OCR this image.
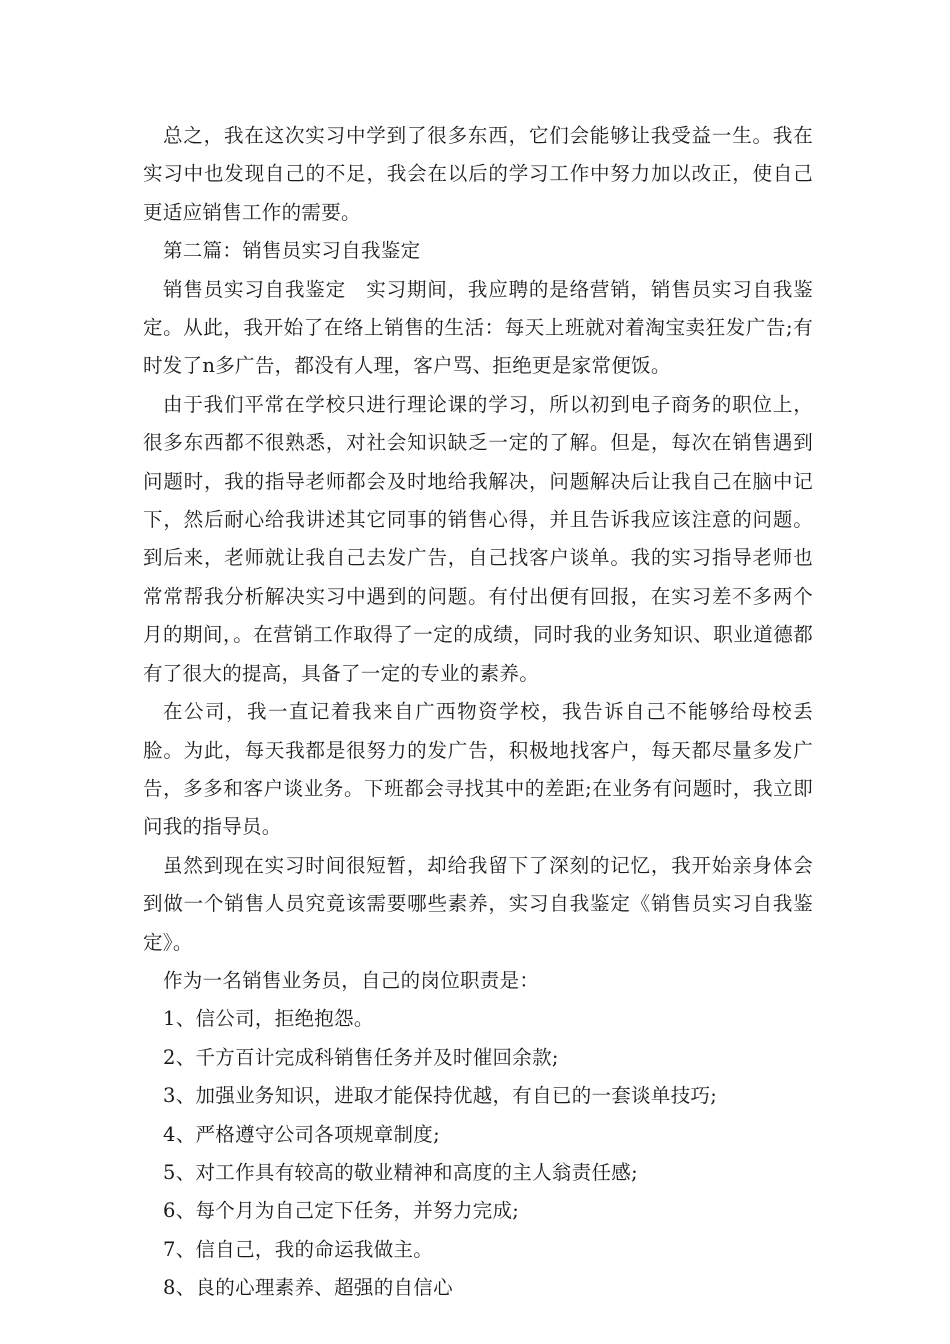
总之，我在这次实习中学到了很多东西，它们会能够让我受益一生。我在实习中也发现自己的不足，我会在以后的学习工作中努力加以改正，使自己更适应销售工作的需要。

第二篇：销售员实习自我鉴定

销售员实习自我鉴定　实习期间，我应聘的是络营销，销售员实习自我鉴定。从此，我开始了在络上销售的生活：每天上班就对着淘宝卖狂发广告;有时发了n多广告，都没有人理，客户骂、拒绝更是家常便饭。

由于我们平常在学校只进行理论课的学习，所以初到电子商务的职位上，很多东西都不很熟悉，对社会知识缺乏一定的了解。但是，每次在销售遇到问题时，我的指导老师都会及时地给我解决，问题解决后让我自己在脑中记下，然后耐心给我讲述其它同事的销售心得，并且告诉我应该注意的问题。到后来，老师就让我自己去发广告，自己找客户谈单。我的实习指导老师也常常帮我分析解决实习中遇到的问题。有付出便有回报，在实习差不多两个月的期间，。在营销工作取得了一定的成绩，同时我的业务知识、职业道德都有了很大的提高，具备了一定的专业的素养。

在公司，我一直记着我来自广西物资学校，我告诉自己不能够给母校丢脸。为此，每天我都是很努力的发广告，积极地找客户，每天都尽量多发广告，多多和客户谈业务。下班都会寻找其中的差距;在业务有问题时，我立即问我的指导员。

虽然到现在实习时间很短暂，却给我留下了深刻的记忆，我开始亲身体会到做一个销售人员究竟该需要哪些素养，实习自我鉴定《销售员实习自我鉴定》。

作为一名销售业务员，自己的岗位职责是：

1、信公司，拒绝抱怨。

2、千方百计完成科销售任务并及时催回余款;

3、加强业务知识，进取才能保持优越，有自已的一套谈单技巧;

4、严格遵守公司各项规章制度;

5、对工作具有较高的敬业精神和高度的主人翁责任感;

6、每个月为自己定下任务，并努力完成;

7、信自己，我的命运我做主。

8、良的心理素养、超强的自信心
